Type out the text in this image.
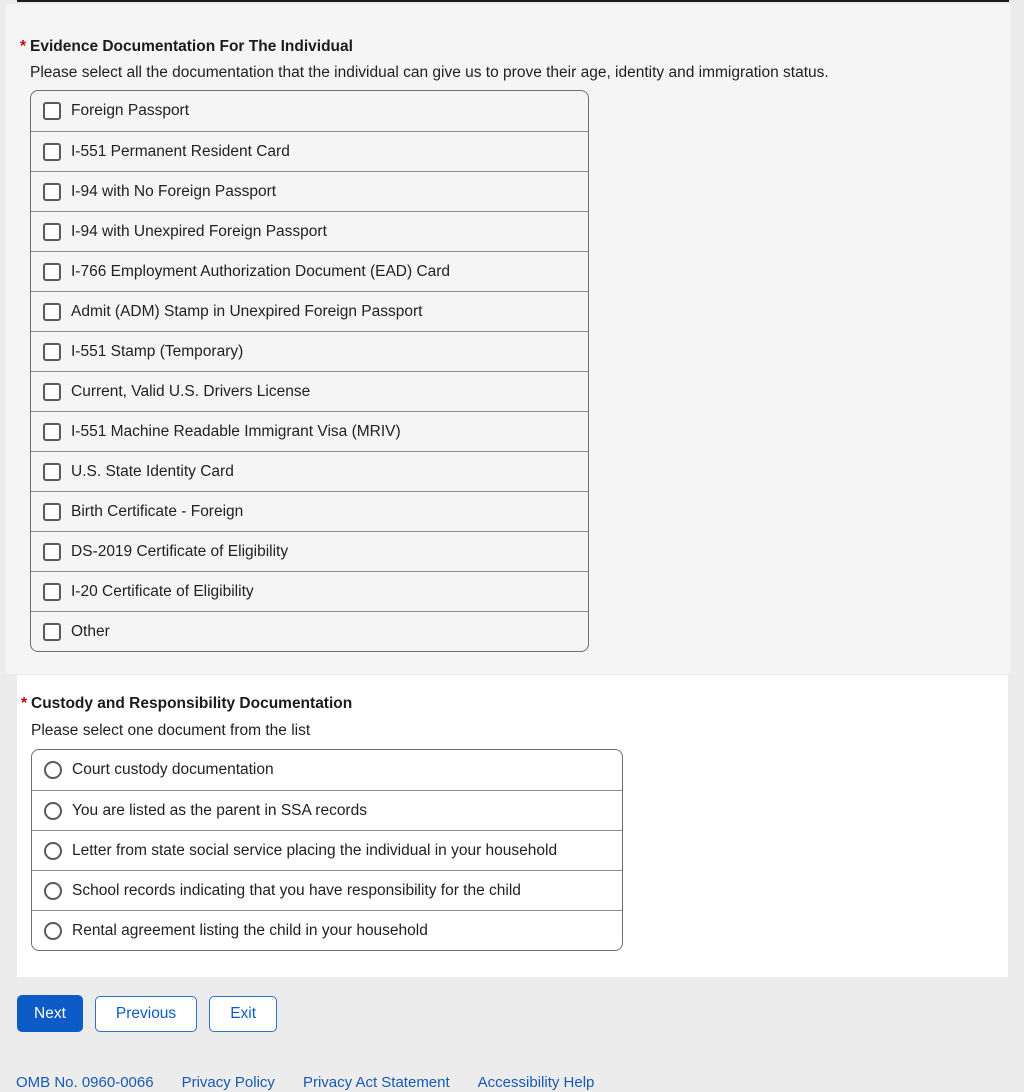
* Evidence Documentation For The Individual
Please select all the documentation that the individual can give us to prove their age, identity and immigration status.
Foreign Passport
I-551 Permanent Resident Card
I-94 with No Foreign Passport
I-94 with Unexpired Foreign Passport
I-766 Employment Authorization Document (EAD) Card
Admit (ADM) Stamp in Unexpired Foreign Passport
I-551 Stamp (Temporary)
Current, Valid U.S. Drivers License
I-551 Machine Readable Immigrant Visa (MRIV)
U.S. State Identity Card
Birth Certificate - Foreign
DS-2019 Certificate of Eligibility
I-20 Certificate of Eligibility
Other
* Custody and Responsibility Documentation
Please select one document from the list
Court custody documentation
You are listed as the parent in SSA records
Letter from state social service placing the individual in your household
School records indicating that you have responsibility for the child
Rental agreement listing the child in your household
Next	Previous	Exit
OMB No. 0960-0066 Privacy Policy Privacy Act Statement Accessibility Help
